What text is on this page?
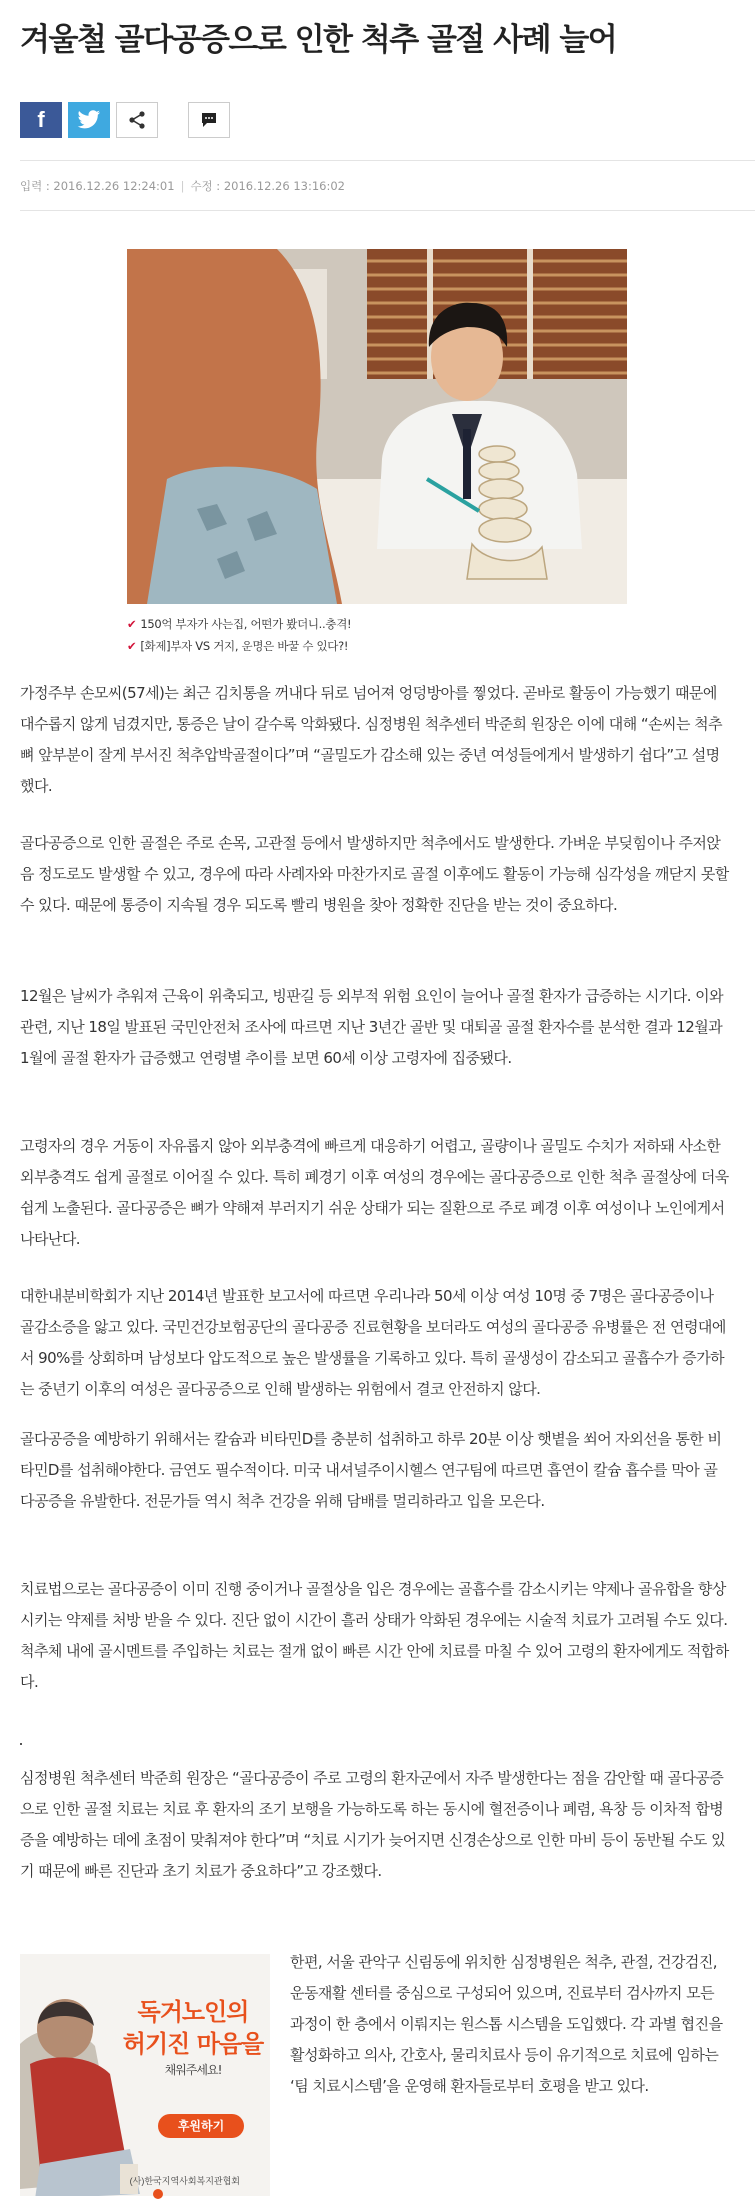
겨울철 골다공증으로 인한 척추 골절 사례 늘어
f
입력 : 2016.12.26 12:24:01 | 수정 : 2016.12.26 13:16:02
✔ 150억 부자가 사는집, 어떤가 봤더니..충격!
✔ [화제]부자 VS 거지, 운명은 바꿀 수 있다?!

가정주부 손모씨(57세)는 최근 김치통을 꺼내다 뒤로 넘어져 엉덩방아를 찧었다. 곧바로 활동이 가능했기 때문에 대수롭지 않게 넘겼지만, 통증은 날이 갈수록 악화됐다. 심정병원 척추센터 박준희 원장은 이에 대해 “손씨는 척추뼈 앞부분이 잘게 부서진 척추압박골절이다”며 “골밀도가 감소해 있는 중년 여성들에게서 발생하기 쉽다”고 설명했다.

골다공증으로 인한 골절은 주로 손목, 고관절 등에서 발생하지만 척추에서도 발생한다. 가벼운 부딪힘이나 주저앉음 정도로도 발생할 수 있고, 경우에 따라 사례자와 마찬가지로 골절 이후에도 활동이 가능해 심각성을 깨닫지 못할 수 있다. 때문에 통증이 지속될 경우 되도록 빨리 병원을 찾아 정확한 진단을 받는 것이 중요하다.

12월은 날씨가 추워져 근육이 위축되고, 빙판길 등 외부적 위험 요인이 늘어나 골절 환자가 급증하는 시기다. 이와 관련, 지난 18일 발표된 국민안전처 조사에 따르면 지난 3년간 골반 및 대퇴골 골절 환자수를 분석한 결과 12월과 1월에 골절 환자가 급증했고 연령별 추이를 보면 60세 이상 고령자에 집중됐다.

고령자의 경우 거동이 자유롭지 않아 외부충격에 빠르게 대응하기 어렵고, 골량이나 골밀도 수치가 저하돼 사소한 외부충격도 쉽게 골절로 이어질 수 있다. 특히 폐경기 이후 여성의 경우에는 골다공증으로 인한 척추 골절상에 더욱 쉽게 노출된다. 골다공증은 뼈가 약해져 부러지기 쉬운 상태가 되는 질환으로 주로 폐경 이후 여성이나 노인에게서 나타난다.

대한내분비학회가 지난 2014년 발표한 보고서에 따르면 우리나라 50세 이상 여성 10명 중 7명은 골다공증이나 골감소증을 앓고 있다. 국민건강보험공단의 골다공증 진료현황을 보더라도 여성의 골다공증 유병률은 전 연령대에서 90%를 상회하며 남성보다 압도적으로 높은 발생률을 기록하고 있다. 특히 골생성이 감소되고 골흡수가 증가하는 중년기 이후의 여성은 골다공증으로 인해 발생하는 위험에서 결코 안전하지 않다.

골다공증을 예방하기 위해서는 칼슘과 비타민D를 충분히 섭취하고 하루 20분 이상 햇볕을 쐬어 자외선을 통한 비타민D를 섭취해야한다. 금연도 필수적이다. 미국 내셔널주이시헬스 연구팀에 따르면 흡연이 칼슘 흡수를 막아 골다공증을 유발한다. 전문가들 역시 척추 건강을 위해 담배를 멀리하라고 입을 모은다.

치료법으로는 골다공증이 이미 진행 중이거나 골절상을 입은 경우에는 골흡수를 감소시키는 약제나 골유합을 향상시키는 약제를 처방 받을 수 있다. 진단 없이 시간이 흘러 상태가 악화된 경우에는 시술적 치료가 고려될 수도 있다. 척추체 내에 골시멘트를 주입하는 치료는 절개 없이 빠른 시간 안에 치료를 마칠 수 있어 고령의 환자에게도 적합하다.

심정병원 척추센터 박준희 원장은 “골다공증이 주로 고령의 환자군에서 자주 발생한다는 점을 감안할 때 골다공증으로 인한 골절 치료는 치료 후 환자의 조기 보행을 가능하도록 하는 동시에 혈전증이나 폐렴, 욕창 등 이차적 합병증을 예방하는 데에 초점이 맞춰져야 한다”며 “치료 시기가 늦어지면 신경손상으로 인한 마비 등이 동반될 수도 있기 때문에 빠른 진단과 초기 치료가 중요하다”고 강조했다.

(사)한국지역사회복지관협회
독거노인의
허기진 마음을
채워주세요!
후원하기

한편, 서울 관악구 신림동에 위치한 심정병원은 척추, 관절, 건강검진, 운동재활 센터를 중심으로 구성되어 있으며, 진료부터 검사까지 모든 과정이 한 층에서 이뤄지는 원스톱 시스템을 도입했다. 각 과별 협진을 활성화하고 의사, 간호사, 물리치료사 등이 유기적으로 치료에 임하는 ‘팀 치료시스템’을 운영해 환자들로부터 호평을 받고 있다.
